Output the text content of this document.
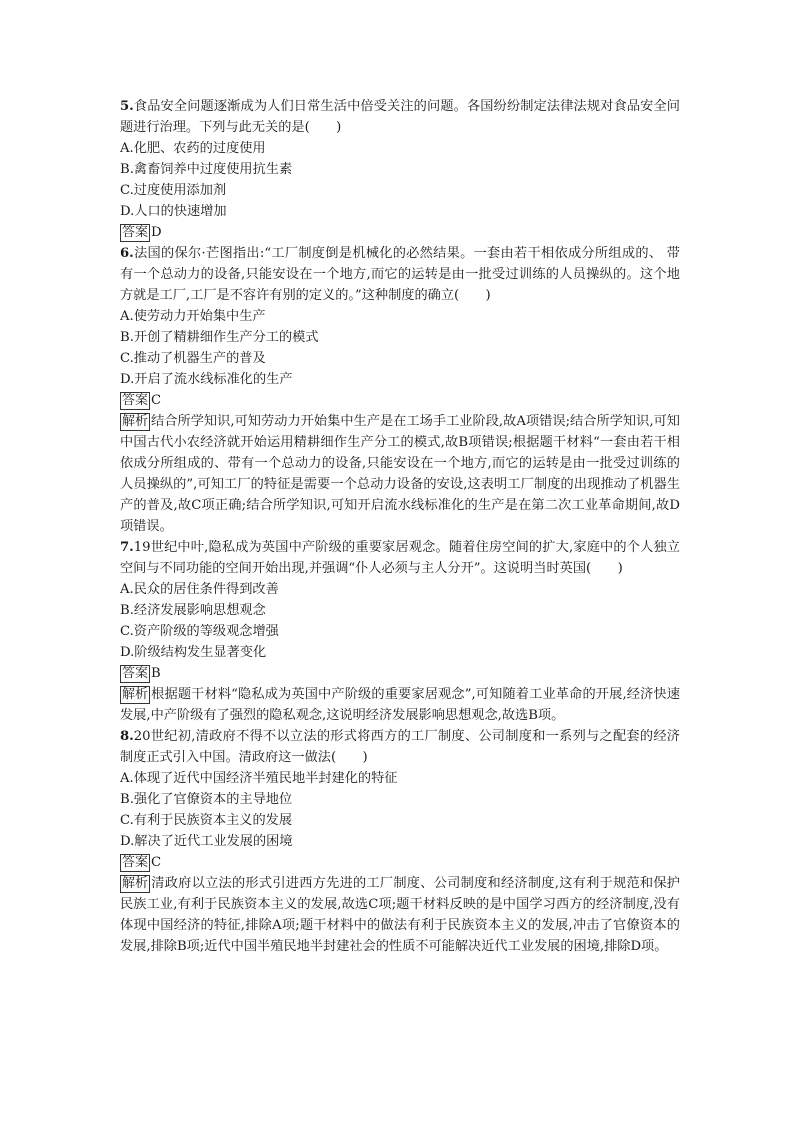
5.食品安全问题逐渐成为人们日常生活中倍受关注的问题。各国纷纷制定法律法规对食品安全问题进行治理。下列与此无关的是(　　)

A.化肥、农药的过度使用

B.禽畜饲养中过度使用抗生素

C.过度使用添加剂

D.人口的快速增加

答案 D

6.法国的保尔·芒图指出:“工厂制度倒是机械化的必然结果。一套由若干相依成分所组成的、 带有一个总动力的设备,只能安设在一个地方,而它的运转是由一批受过训练的人员操纵的。这个地方就是工厂,工厂是不容许有别的定义的。”这种制度的确立(　　)

A.使劳动力开始集中生产

B.开创了精耕细作生产分工的模式

C.推动了机器生产的普及

D.开启了流水线标准化的生产

答案 C

解析 结合所学知识,可知劳动力开始集中生产是在工场手工业阶段,故A项错误;结合所学知识,可知中国古代小农经济就开始运用精耕细作生产分工的模式,故B项错误;根据题干材料“一套由若干相依成分所组成的、带有一个总动力的设备,只能安设在一个地方,而它的运转是由一批受过训练的人员操纵的”,可知工厂的特征是需要一个总动力设备的安设,这表明工厂制度的出现推动了机器生产的普及,故C项正确;结合所学知识,可知开启流水线标准化的生产是在第二次工业革命期间,故D项错误。

7.19世纪中叶,隐私成为英国中产阶级的重要家居观念。随着住房空间的扩大,家庭中的个人独立空间与不同功能的空间开始出现,并强调“仆人必须与主人分开”。这说明当时英国(　　)

A.民众的居住条件得到改善

B.经济发展影响思想观念

C.资产阶级的等级观念增强

D.阶级结构发生显著变化

答案 B

解析 根据题干材料“隐私成为英国中产阶级的重要家居观念”,可知随着工业革命的开展,经济快速发展,中产阶级有了强烈的隐私观念,这说明经济发展影响思想观念,故选B项。

8.20世纪初,清政府不得不以立法的形式将西方的工厂制度、公司制度和一系列与之配套的经济制度正式引入中国。清政府这一做法(　　)

A.体现了近代中国经济半殖民地半封建化的特征

B.强化了官僚资本的主导地位

C.有利于民族资本主义的发展

D.解决了近代工业发展的困境

答案 C

解析 清政府以立法的形式引进西方先进的工厂制度、公司制度和经济制度,这有利于规范和保护民族工业,有利于民族资本主义的发展,故选C项;题干材料反映的是中国学习西方的经济制度,没有体现中国经济的特征,排除A项;题干材料中的做法有利于民族资本主义的发展,冲击了官僚资本的发展,排除B项;近代中国半殖民地半封建社会的性质不可能解决近代工业发展的困境,排除D项。
